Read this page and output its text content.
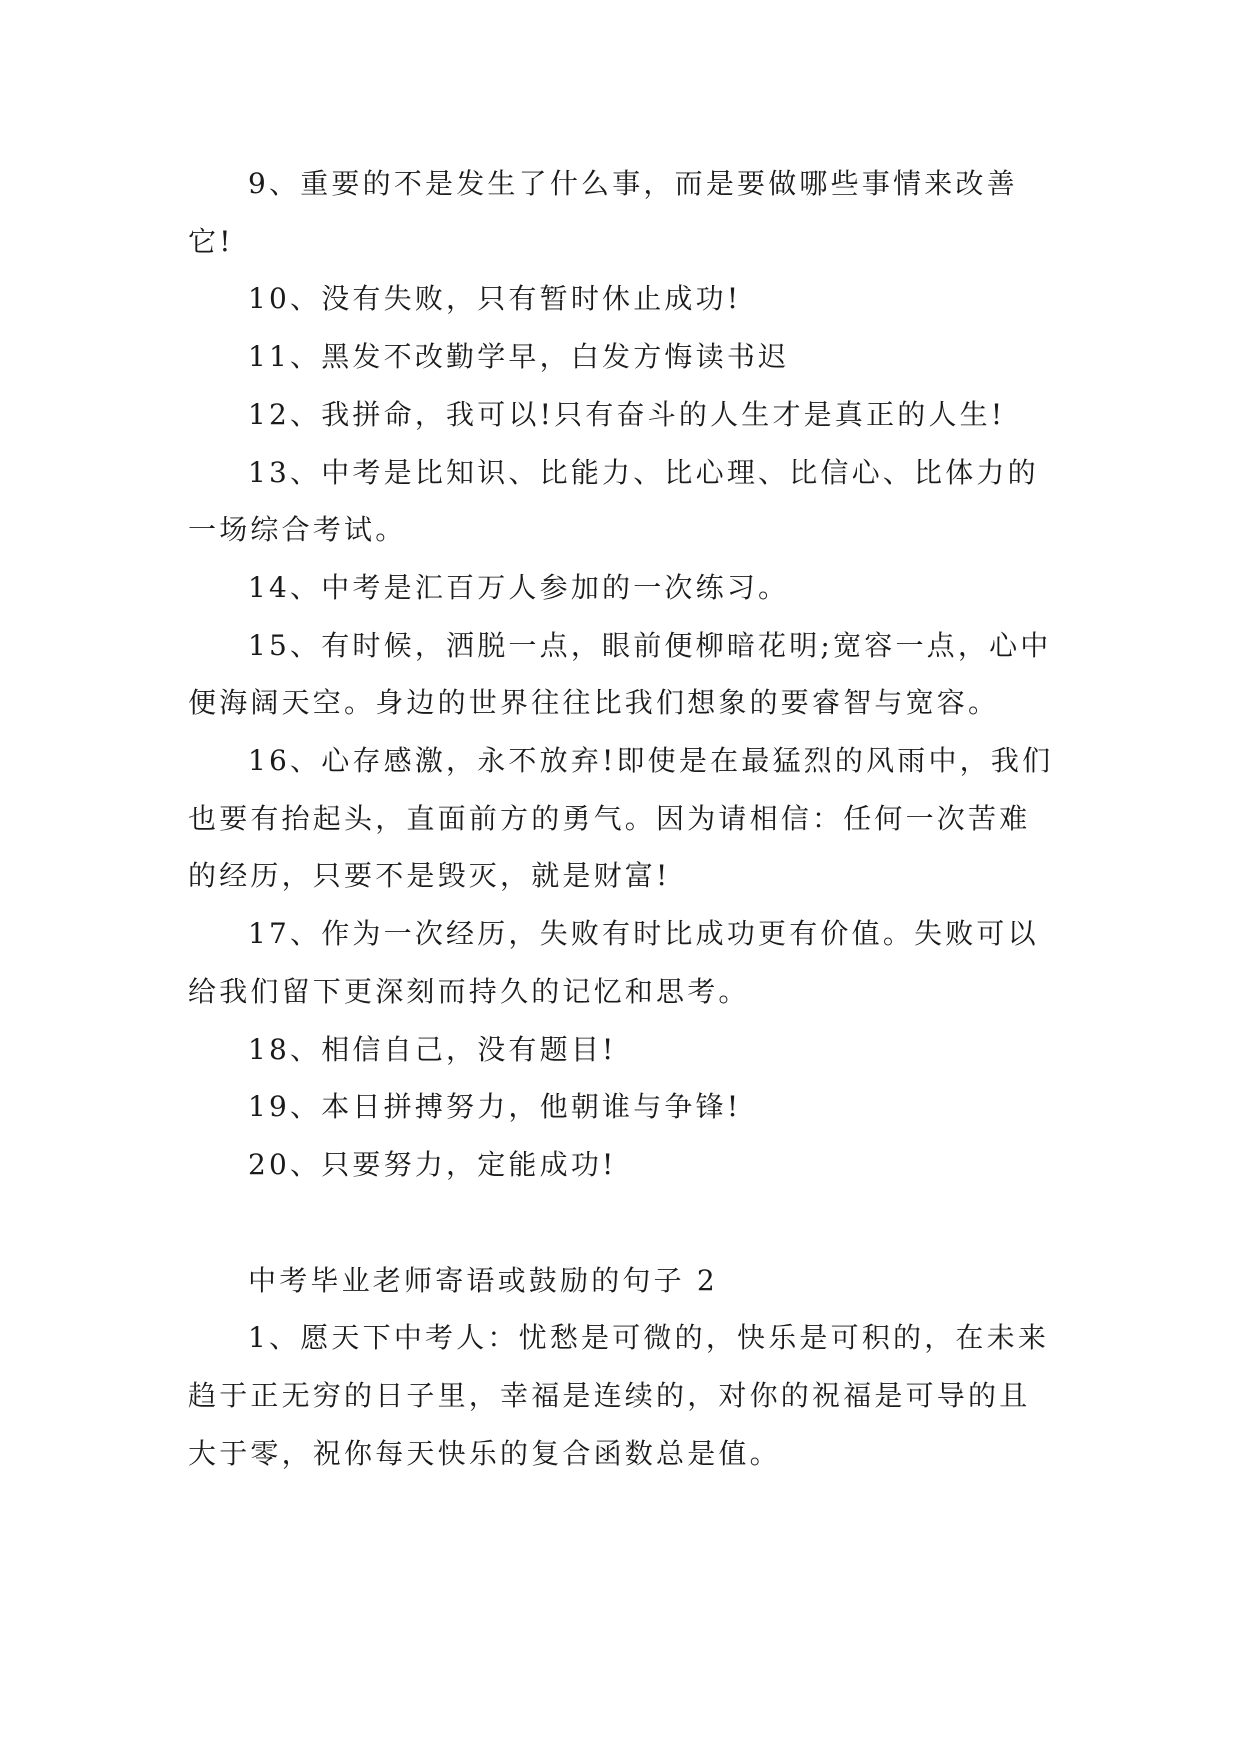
9、重要的不是发生了什么事，而是要做哪些事情来改善它!

10、没有失败，只有暂时休止成功!

11、黑发不改勤学早，白发方悔读书迟

12、我拼命，我可以!只有奋斗的人生才是真正的人生!

13、中考是比知识、比能力、比心理、比信心、比体力的一场综合考试。

14、中考是汇百万人参加的一次练习。

15、有时候，洒脱一点，眼前便柳暗花明;宽容一点，心中便海阔天空。身边的世界往往比我们想象的要睿智与宽容。

16、心存感激，永不放弃!即使是在最猛烈的风雨中，我们也要有抬起头，直面前方的勇气。因为请相信：任何一次苦难的经历，只要不是毁灭，就是财富!

17、作为一次经历，失败有时比成功更有价值。失败可以给我们留下更深刻而持久的记忆和思考。

18、相信自己，没有题目!

19、本日拼搏努力，他朝谁与争锋!

20、只要努力，定能成功!

中考毕业老师寄语或鼓励的句子 2

1、愿天下中考人：忧愁是可微的，快乐是可积的，在未来趋于正无穷的日子里，幸福是连续的，对你的祝福是可导的且大于零，祝你每天快乐的复合函数总是值。
